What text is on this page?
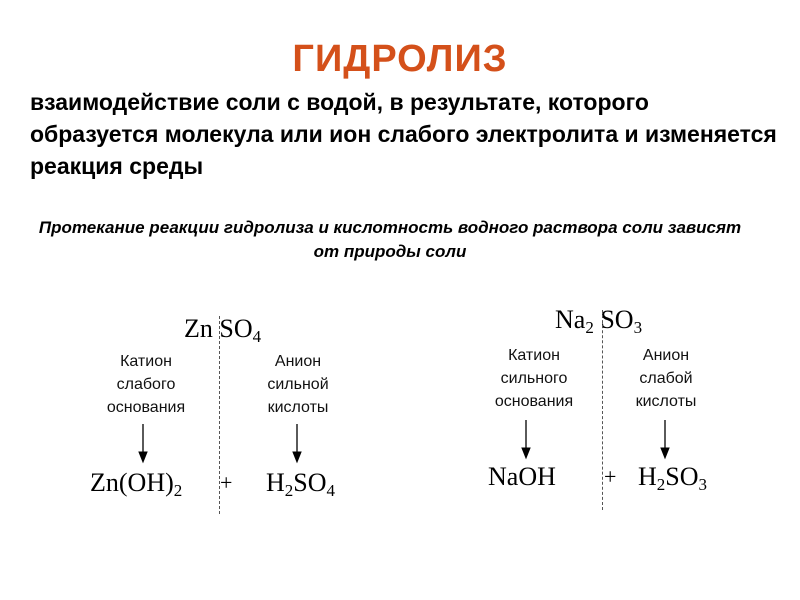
ГИДРОЛИЗ
взаимодействие соли с водой, в результате, которого образуется молекула или ион слабого электролита и изменяется реакция среды
Протекание реакции гидролиза и кислотность водного раствора соли зависят от природы соли
Zn $SO_4$
Катион слабого основания
Анион сильной кислоты
$Zn(OH)_2 + H_2SO_4$
$Na_2$ $SO_3$
Катион сильного основания
Анион слабой кислоты
NaOH + $H_2SO_3$
